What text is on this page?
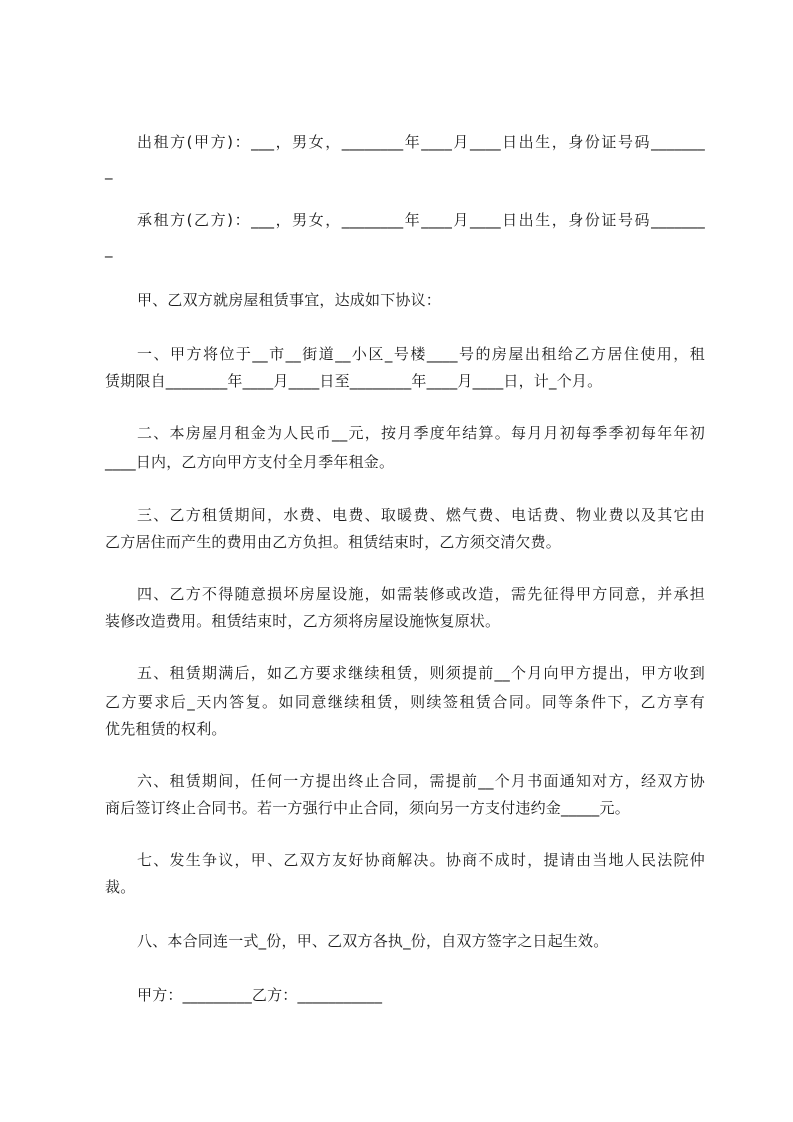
出租方(甲方)：___，男女，________年____月____日出生，身份证号码_______
_
承租方(乙方)：___，男女，________年____月____日出生，身份证号码_______
_
甲、乙双方就房屋租赁事宜，达成如下协议：
一、甲方将位于__市__街道__小区_号楼____号的房屋出租给乙方居住使用，租
赁期限自________年____月____日至________年____月____日，计_个月。
二、本房屋月租金为人民币__元，按月季度年结算。每月月初每季季初每年年初
____日内，乙方向甲方支付全月季年租金。
三、乙方租赁期间，水费、电费、取暖费、燃气费、电话费、物业费以及其它由
乙方居住而产生的费用由乙方负担。租赁结束时，乙方须交清欠费。
四、乙方不得随意损坏房屋设施，如需装修或改造，需先征得甲方同意，并承担
装修改造费用。租赁结束时，乙方须将房屋设施恢复原状。
五、租赁期满后，如乙方要求继续租赁，则须提前__个月向甲方提出，甲方收到
乙方要求后_天内答复。如同意继续租赁，则续签租赁合同。同等条件下，乙方享有
优先租赁的权利。
六、租赁期间，任何一方提出终止合同，需提前__个月书面通知对方，经双方协
商后签订终止合同书。若一方强行中止合同，须向另一方支付违约金_____元。
七、发生争议，甲、乙双方友好协商解决。协商不成时，提请由当地人民法院仲
裁。
八、本合同连一式_份，甲、乙双方各执_份，自双方签字之日起生效。
甲方：_________乙方：___________
